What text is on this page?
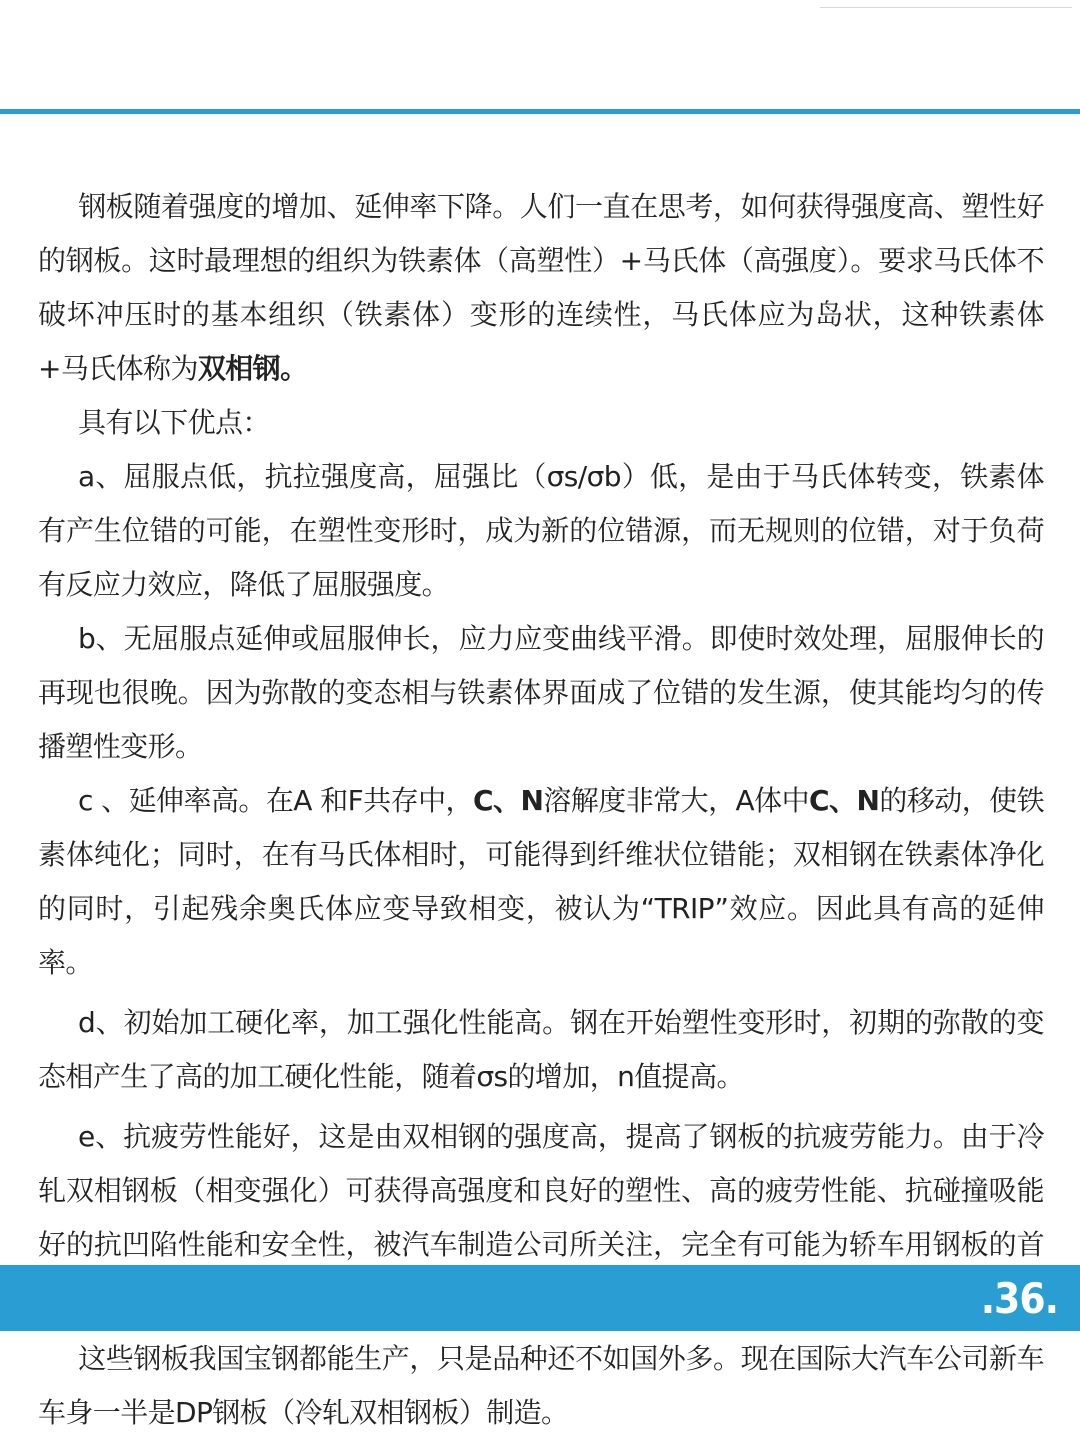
钢板随着强度的增加、延伸率下降。人们一直在思考，如何获得强度高、塑性好的钢板。这时最理想的组织为铁素体（高塑性）+马氏体（高强度）。要求马氏体不破坏冲压时的基本组织（铁素体）变形的连续性，马氏体应为岛状，这种铁素体+马氏体称为双相钢。

具有以下优点：

a、屈服点低，抗拉强度高，屈强比（σs/σb）低，是由于马氏体转变，铁素体有产生位错的可能，在塑性变形时，成为新的位错源，而无规则的位错，对于负荷有反应力效应，降低了屈服强度。

b、无屈服点延伸或屈服伸长，应力应变曲线平滑。即使时效处理，屈服伸长的再现也很晚。因为弥散的变态相与铁素体界面成了位错的发生源，使其能均匀的传播塑性变形。

c 、延伸率高。在A 和F共存中，C、N溶解度非常大，A体中C、N的移动，使铁素体纯化；同时，在有马氏体相时，可能得到纤维状位错能；双相钢在铁素体净化的同时，引起残余奥氏体应变导致相变，被认为“TRIP”效应。因此具有高的延伸率。

d、初始加工硬化率，加工强化性能高。钢在开始塑性变形时，初期的弥散的变态相产生了高的加工硬化性能，随着σs的增加，n值提高。

e、抗疲劳性能好，这是由双相钢的强度高，提高了钢板的抗疲劳能力。由于冷轧双相钢板（相变强化）可获得高强度和良好的塑性、高的疲劳性能、抗碰撞吸能好的抗凹陷性能和安全性，被汽车制造公司所关注，完全有可能为轿车用钢板的首

这些钢板我国宝钢都能生产，只是品种还不如国外多。现在国际大汽车公司新车车身一半是DP钢板（冷轧双相钢板）制造。

.36.
